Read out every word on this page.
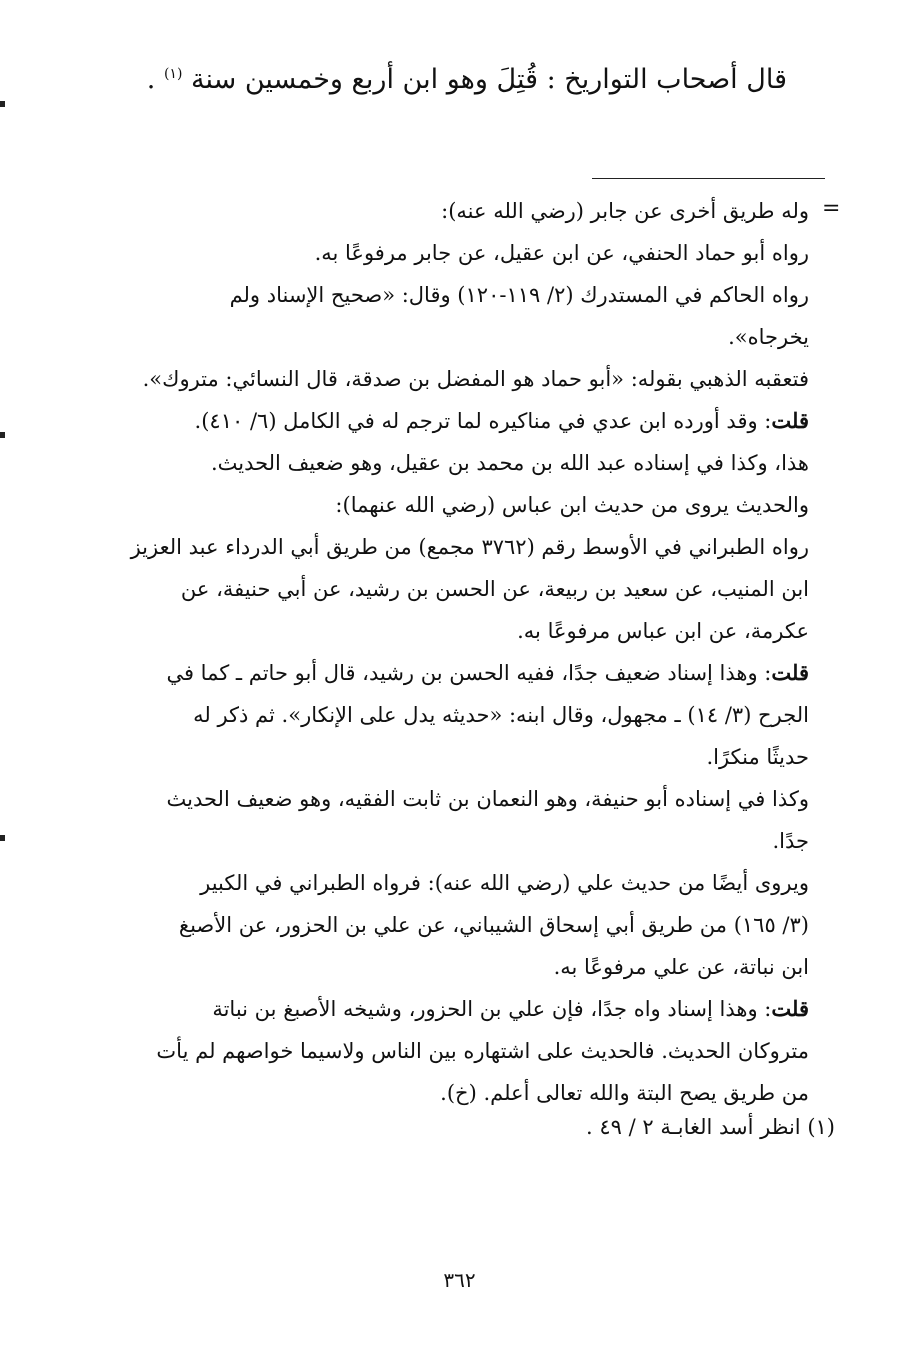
قال أصحاب التواريخ : قُتِلَ وهو ابن أربع وخمسين سنة $^{(١)}$ .
=
وله طريق أخرى عن جابر (رضي الله عنه):
رواه أبو حماد الحنفي، عن ابن عقيل، عن جابر مرفوعًا به.
رواه الحاكم في المستدرك (٢/ ١١٩-١٢٠) وقال: «صحيح الإسناد ولم
يخرجاه».
فتعقبه الذهبي بقوله: «أبو حماد هو المفضل بن صدقة، قال النسائي: متروك».
قلت: وقد أورده ابن عدي في مناكيره لما ترجم له في الكامل (٦/ ٤١٠).
هذا، وكذا في إسناده عبد الله بن محمد بن عقيل، وهو ضعيف الحديث.
والحديث يروى من حديث ابن عباس (رضي الله عنهما):
رواه الطبراني في الأوسط رقم (٣٧٦٢ مجمع) من طريق أبي الدرداء عبد العزيز
ابن المنيب، عن سعيد بن ربيعة، عن الحسن بن رشيد، عن أبي حنيفة، عن
عكرمة، عن ابن عباس مرفوعًا به.
قلت: وهذا إسناد ضعيف جدًا، ففيه الحسن بن رشيد، قال أبو حاتم ـ كما في
الجرح (٣/ ١٤) ـ مجهول، وقال ابنه: «حديثه يدل على الإنكار». ثم ذكر له
حديثًا منكرًا.
وكذا في إسناده أبو حنيفة، وهو النعمان بن ثابت الفقيه، وهو ضعيف الحديث
جدًا.
ويروى أيضًا من حديث علي (رضي الله عنه): فرواه الطبراني في الكبير
(٣/ ١٦٥) من طريق أبي إسحاق الشيباني، عن علي بن الحزور، عن الأصبغ
ابن نباتة، عن علي مرفوعًا به.
قلت: وهذا إسناد واه جدًا، فإن علي بن الحزور، وشيخه الأصبغ بن نباتة
متروكان الحديث. فالحديث على اشتهاره بين الناس ولاسيما خواصهم لم يأت
من طريق يصح البتة والله تعالى أعلم. (خ).
(١) انظر أسد الغابـة ٢ / ٤٩ .
٣٦٢
